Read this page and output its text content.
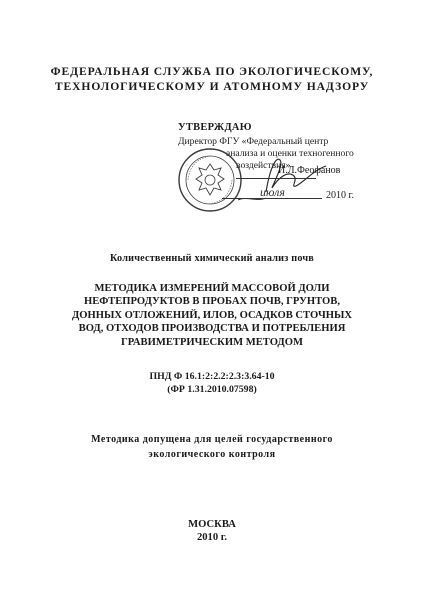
ФЕДЕРАЛЬНАЯ СЛУЖБА ПО ЭКОЛОГИЧЕСКОМУ,
ТЕХНОЛОГИЧЕСКОМУ И АТОМНОМУ НАДЗОРУ
УТВЕРЖДАЮ
Директор ФГУ «Федеральный центр
анализа и оценки техногенного
воздействия»
И.Л.Феофанов
июля	2010 г.
Количественный химический анализ почв
МЕТОДИКА ИЗМЕРЕНИЙ МАССОВОЙ ДОЛИ
НЕФТЕПРОДУКТОВ В ПРОБАХ ПОЧВ, ГРУНТОВ,
ДОННЫХ ОТЛОЖЕНИЙ, ИЛОВ, ОСАДКОВ СТОЧНЫХ
ВОД, ОТХОДОВ ПРОИЗВОДСТВА И ПОТРЕБЛЕНИЯ
ГРАВИМЕТРИЧЕСКИМ МЕТОДОМ
ПНД Ф 16.1:2:2.2:2.3:3.64-10
(ФР 1.31.2010.07598)
Методика допущена для целей государственного
экологического контроля
МОСКВА
2010 г.
